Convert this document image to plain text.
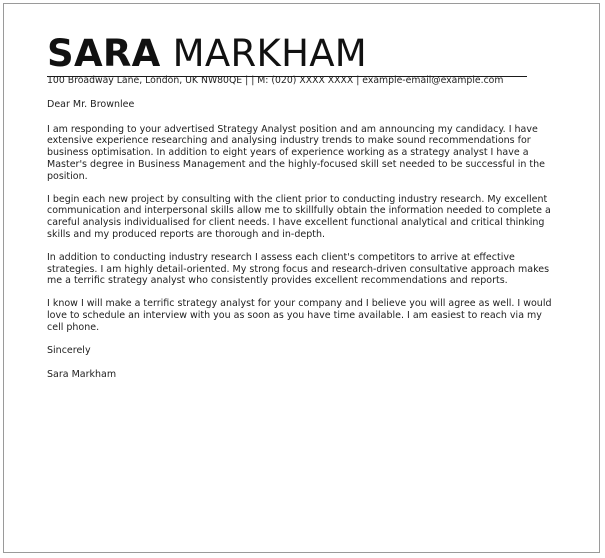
SARA MARKHAM
100 Broadway Lane, London, UK NW80QE | | M: (020) XXXX XXXX | example-email@example.com

Dear Mr. Brownlee

I am responding to your advertised Strategy Analyst position and am announcing my candidacy. I have extensive experience researching and analysing industry trends to make sound recommendations for business optimisation. In addition to eight years of experience working as a strategy analyst I have a Master's degree in Business Management and the highly-focused skill set needed to be successful in the position.

I begin each new project by consulting with the client prior to conducting industry research. My excellent communication and interpersonal skills allow me to skillfully obtain the information needed to complete a careful analysis individualised for client needs. I have excellent functional analytical and critical thinking skills and my produced reports are thorough and in-depth.

In addition to conducting industry research I assess each client's competitors to arrive at effective strategies. I am highly detail-oriented. My strong focus and research-driven consultative approach makes me a terrific strategy analyst who consistently provides excellent recommendations and reports.

I know I will make a terrific strategy analyst for your company and I believe you will agree as well. I would love to schedule an interview with you as soon as you have time available. I am easiest to reach via my cell phone.

Sincerely

Sara Markham
